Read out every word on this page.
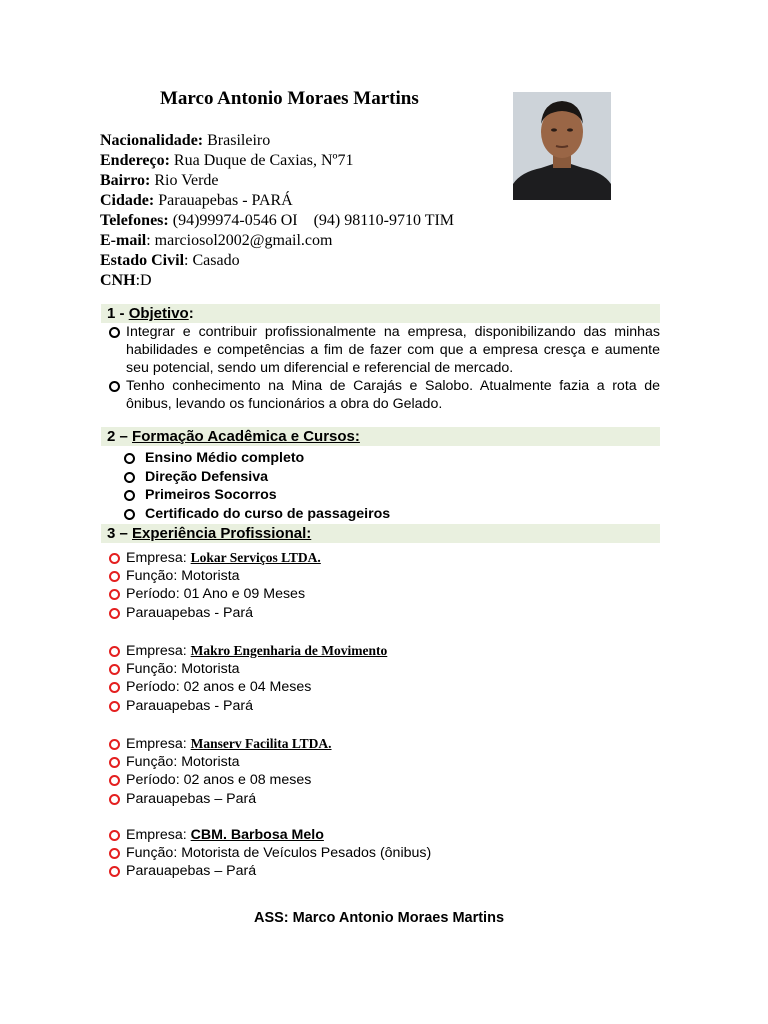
Marco Antonio Moraes Martins
Nacionalidade: Brasileiro
Endereço: Rua Duque de Caxias, Nº71
Bairro: Rio Verde
Cidade: Parauapebas - PARÁ
Telefones: (94)99974-0546 OI    (94) 98110-9710 TIM
E-mail: marciosol2002@gmail.com
Estado Civil: Casado
CNH:D
1 - Objetivo:
Integrar e contribuir profissionalmente na empresa, disponibilizando das minhas habilidades e competências a fim de fazer com que a empresa cresça e aumente seu potencial, sendo um diferencial e referencial de mercado.
Tenho conhecimento na Mina de Carajás e Salobo. Atualmente fazia a rota de ônibus, levando os funcionários a obra do Gelado.
2 – Formação Acadêmica e Cursos:
Ensino Médio completo
Direção Defensiva
Primeiros Socorros
Certificado do curso de passageiros
3 – Experiência Profissional:
Empresa: Lokar Serviços LTDA.
Função: Motorista
Período: 01 Ano e 09 Meses
Parauapebas - Pará
Empresa: Makro Engenharia de Movimento
Função: Motorista
Período: 02 anos e 04 Meses
Parauapebas - Pará
Empresa: Manserv Facilita LTDA.
Função: Motorista
Período: 02 anos e 08 meses
Parauapebas – Pará
Empresa: CBM. Barbosa Melo
Função: Motorista de Veículos Pesados (ônibus)
Parauapebas – Pará
ASS: Marco Antonio Moraes Martins
